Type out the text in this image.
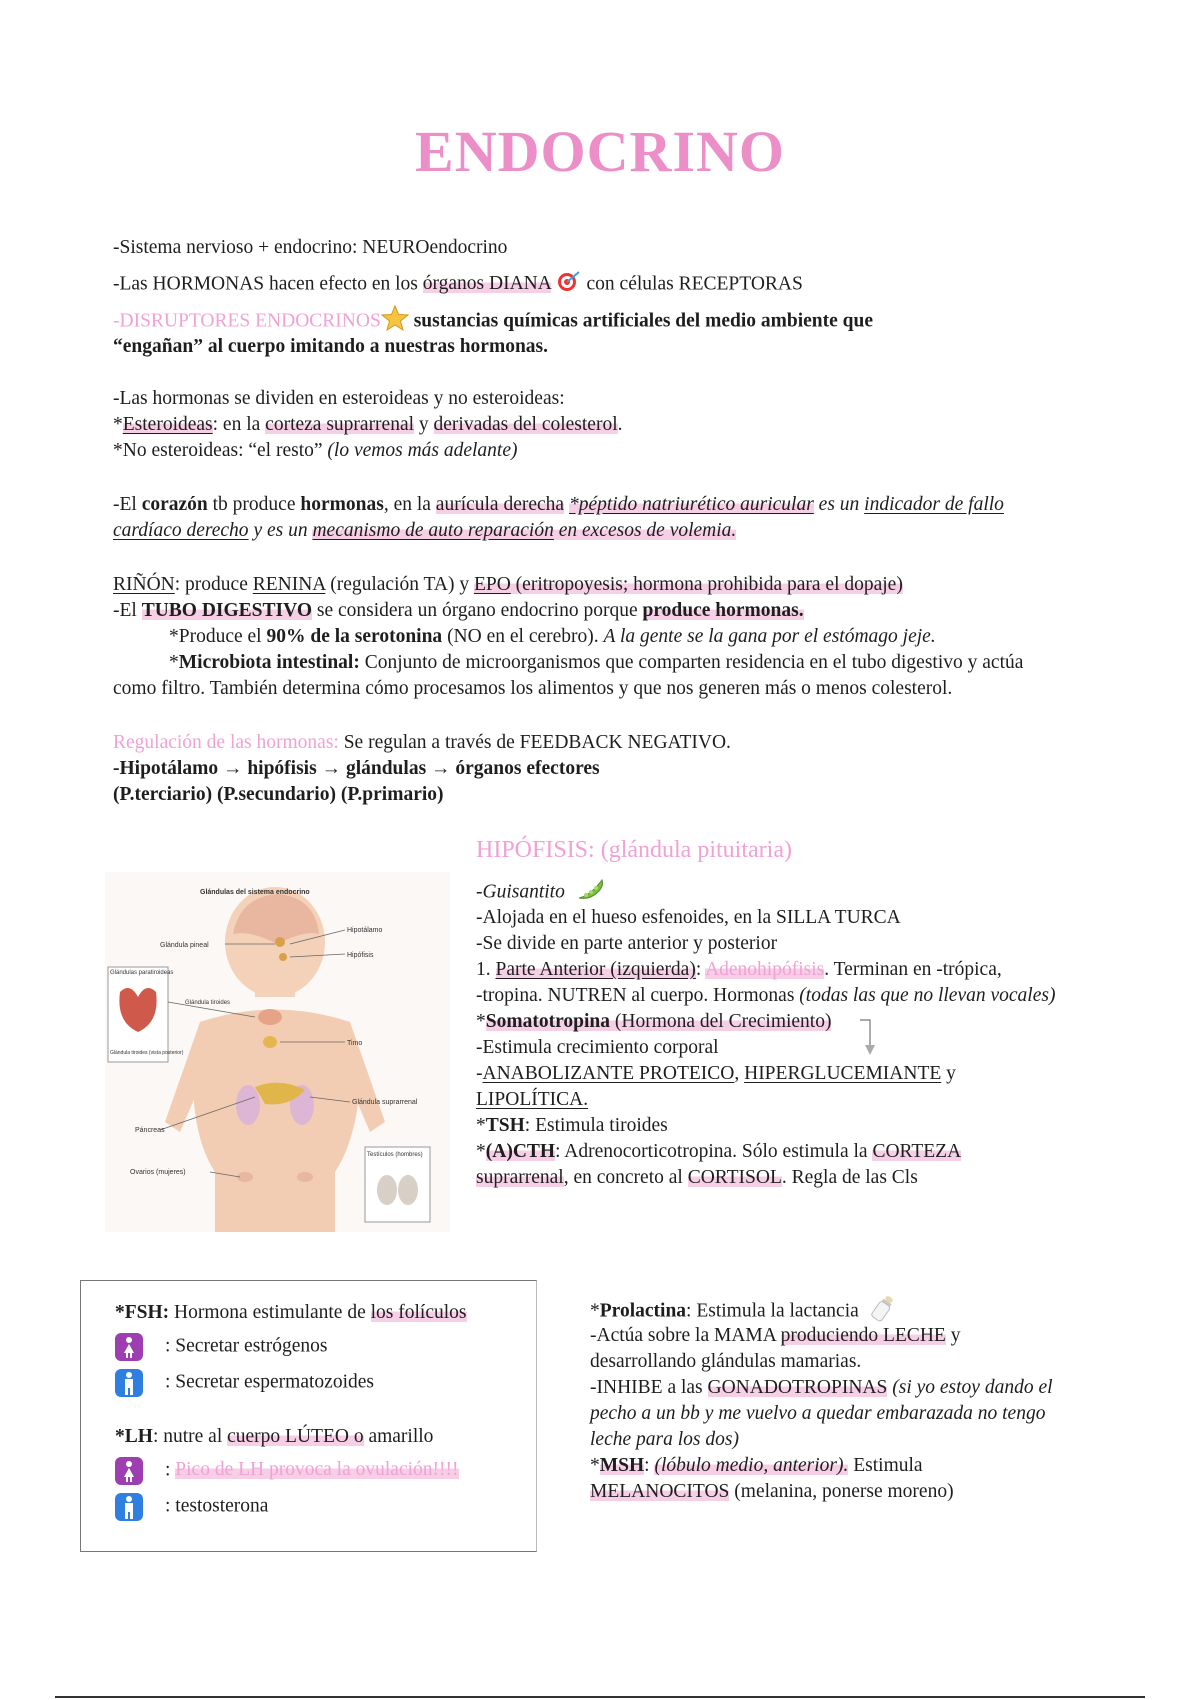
ENDOCRINO
-Sistema nervioso + endocrino: NEUROendocrino
-Las HORMONAS hacen efecto en los órganos DIANA  con células RECEPTORAS
-DISRUPTORES ENDOCRINOS sustancias químicas artificiales del medio ambiente que
“engañan” al cuerpo imitando a nuestras hormonas.
-Las hormonas se dividen en esteroideas y no esteroideas:
*Esteroideas: en la corteza suprarrenal y derivadas del colesterol.
*No esteroideas: “el resto” (lo vemos más adelante)
-El corazón tb produce hormonas, en la aurícula derecha *péptido natriurético auricular es un indicador de fallo
cardíaco derecho y es un mecanismo de auto reparación en excesos de volemia.
RIÑÓN: produce RENINA (regulación TA) y EPO (eritropoyesis; hormona prohibida para el dopaje)
-El TUBO DIGESTIVO se considera un órgano endocrino porque produce hormonas.
*Produce el 90% de la serotonina (NO en el cerebro). A la gente se la gana por el estómago jeje.
*Microbiota intestinal: Conjunto de microorganismos que comparten residencia en el tubo digestivo y actúa
como filtro. También determina cómo procesamos los alimentos y que nos generen más o menos colesterol.
Regulación de las hormonas: Se regulan a través de FEEDBACK NEGATIVO.
-Hipotálamo → hipófisis → glándulas → órganos efectores
(P.terciario) (P.secundario) (P.primario)
Glándulas del sistema endocrino
Glándula pineal
Hipotálamo
Hipófisis
Timo
Glándula suprarrenal
Páncreas
Ovarios (mujeres)
Glándulas paratiroideas
Glándula tiroides
Glándula tiroides (vista posterior)
Testículos (hombres)
HIPÓFISIS: (glándula pituitaria)
-Guisantito
-Alojada en el hueso esfenoides, en la SILLA TURCA
-Se divide en parte anterior y posterior
1. Parte Anterior (izquierda): Adenohipófisis. Terminan en -trópica,
-tropina. NUTREN al cuerpo. Hormonas (todas las que no llevan vocales)
*Somatotropina (Hormona del Crecimiento)
-Estimula crecimiento corporal
-ANABOLIZANTE PROTEICO, HIPERGLUCEMIANTE y
LIPOLÍTICA.
*TSH: Estimula tiroides
*(A)CTH: Adrenocorticotropina. Sólo estimula la CORTEZA
suprarrenal, en concreto al CORTISOL. Regla de las Cls
*FSH: Hormona estimulante de los folículos
: Secretar estrógenos
: Secretar espermatozoides
*LH: nutre al cuerpo LÚTEO o amarillo
: Pico de LH provoca la ovulación!!!!
: testosterona
*Prolactina: Estimula la lactancia
-Actúa sobre la MAMA produciendo LECHE y
desarrollando glándulas mamarias.
-INHIBE a las GONADOTROPINAS (si yo estoy dando el
pecho a un bb y me vuelvo a quedar embarazada no tengo
leche para los dos)
*MSH: (lóbulo medio, anterior). Estimula
MELANOCITOS (melanina, ponerse moreno)
